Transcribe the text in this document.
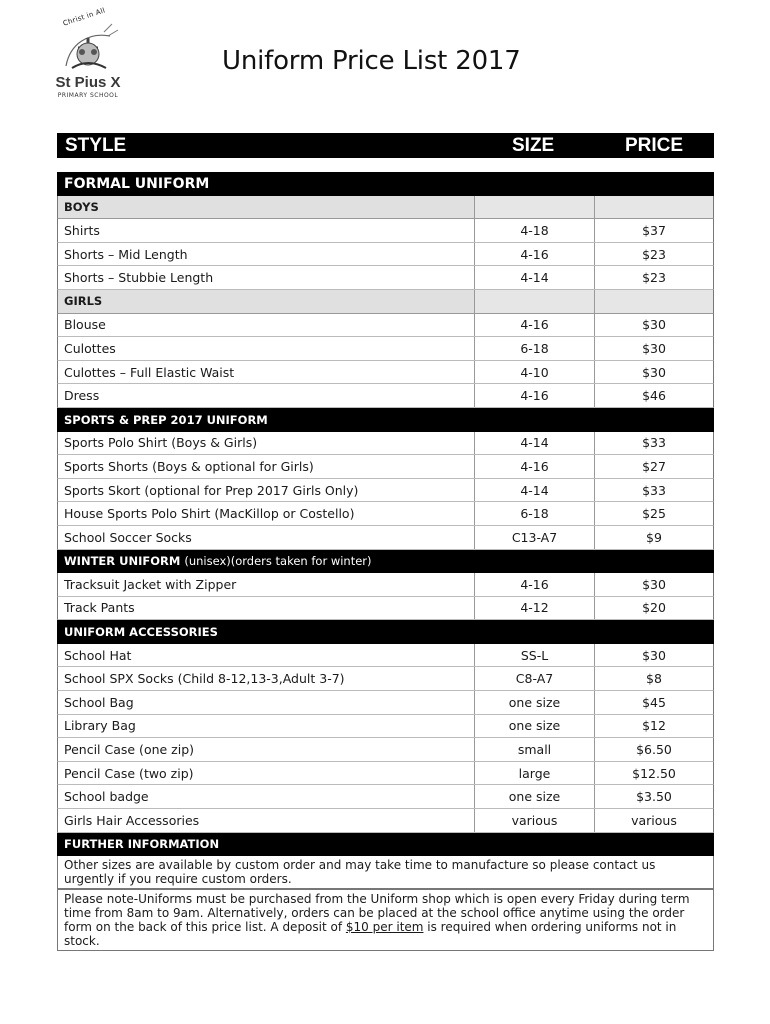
Christ in All
St Pius X
PRIMARY SCHOOL
Uniform Price List 2017
STYLE	SIZE	PRICE
FORMAL UNIFORM
BOYS
Shirts	4-18	$37
Shorts – Mid Length	4-16	$23
Shorts – Stubbie Length	4-14	$23
GIRLS
Blouse	4-16	$30
Culottes	6-18	$30
Culottes – Full Elastic Waist	4-10	$30
Dress	4-16	$46
SPORTS & PREP 2017 UNIFORM
Sports Polo Shirt (Boys & Girls)	4-14	$33
Sports Shorts (Boys & optional for Girls)	4-16	$27
Sports Skort (optional for Prep 2017 Girls Only)	4-14	$33
House Sports Polo Shirt (MacKillop or Costello)	6-18	$25
School Soccer Socks	C13-A7	$9
WINTER UNIFORM (unisex)(orders taken for winter)
Tracksuit Jacket with Zipper	4-16	$30
Track Pants	4-12	$20
UNIFORM ACCESSORIES
School Hat	SS-L	$30
School SPX Socks (Child 8-12,13-3,Adult 3-7)	C8-A7	$8
School Bag	one size	$45
Library Bag	one size	$12
Pencil Case (one zip)	small	$6.50
Pencil Case (two zip)	large	$12.50
School badge	one size	$3.50
Girls Hair Accessories	various	various
FURTHER INFORMATION
Other sizes are available by custom order and may take time to manufacture so please contact us urgently if you require custom orders.
Please note-Uniforms must be purchased from the Uniform shop which is open every Friday during term time from 8am to 9am. Alternatively, orders can be placed at the school office anytime using the order form on the back of this price list. A deposit of $10 per item is required when ordering uniforms not in stock.
